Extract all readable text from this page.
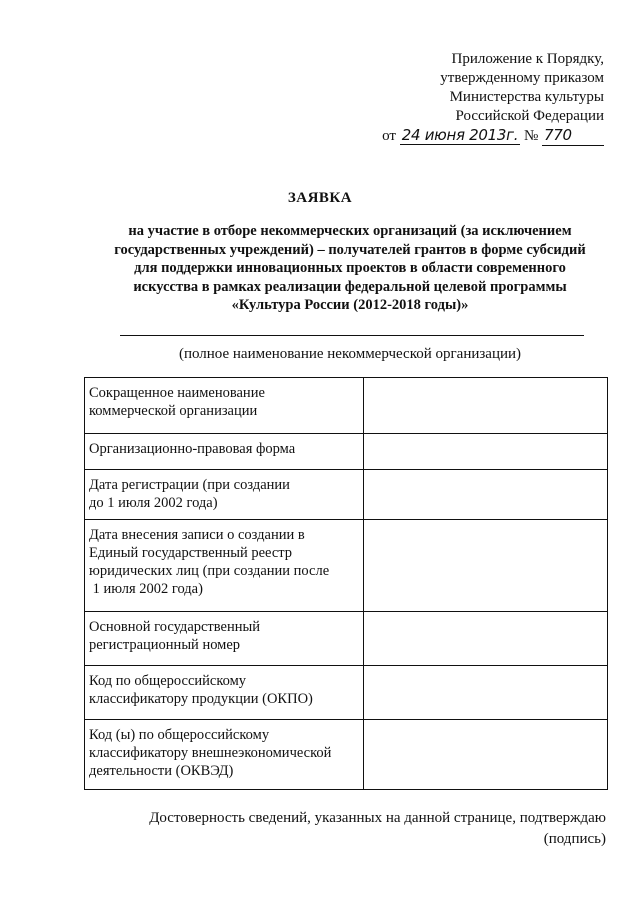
Приложение к Порядку,
утвержденному приказом
Министерства культуры
Российской Федерации
от 24 июня 2013г. № 770
ЗАЯВКА
на участие в отборе некоммерческих организаций (за исключением
государственных учреждений) – получателей грантов в форме субсидий
для поддержки инновационных проектов в области современного
искусства в рамках реализации федеральной целевой программы
«Культура России (2012-2018 годы)»
(полное наименование некоммерческой организации)
Сокращенное наименование
коммерческой организации	

Организационно-правовая форма	

Дата регистрации (при создании
до 1 июля 2002 года)	

Дата внесения записи о создании в
Единый государственный реестр
юридических лиц (при создании после
1 июля 2002 года)	

Основной государственный
регистрационный номер	

Код по общероссийскому
классификатору продукции (ОКПО)	

Код (ы) по общероссийскому
классификатору внешнеэкономической
деятельности (ОКВЭД)	

Достоверность сведений, указанных на данной странице, подтверждаю
(подпись)
